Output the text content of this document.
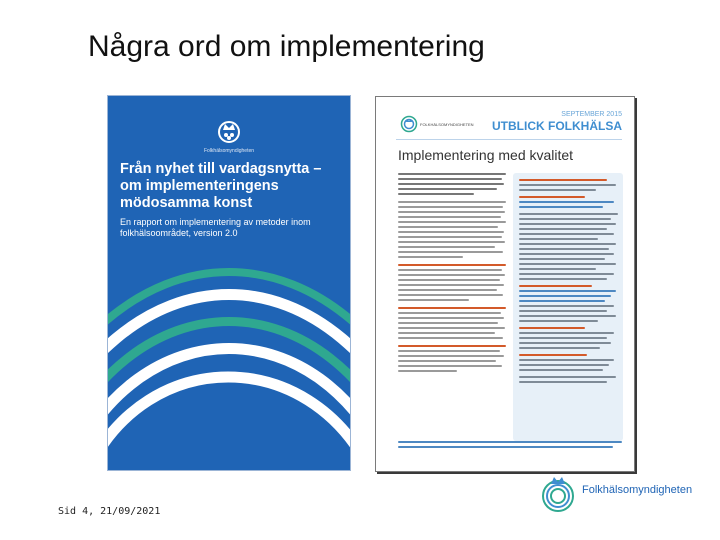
Några ord om implementering
Folkhälsomyndigheten
Från nyhet till vardagsnytta – om implementeringens mödosamma konst
En rapport om implementering av metoder inom folkhälsoområdet, version 2.0
FOLKHÄLSOMYNDIGHETEN
SEPTEMBER 2015
UTBLICK FOLKHÄLSA
Implementering med kvalitet
Folkhälsomyndigheten
Sid 4, 21/09/2021
